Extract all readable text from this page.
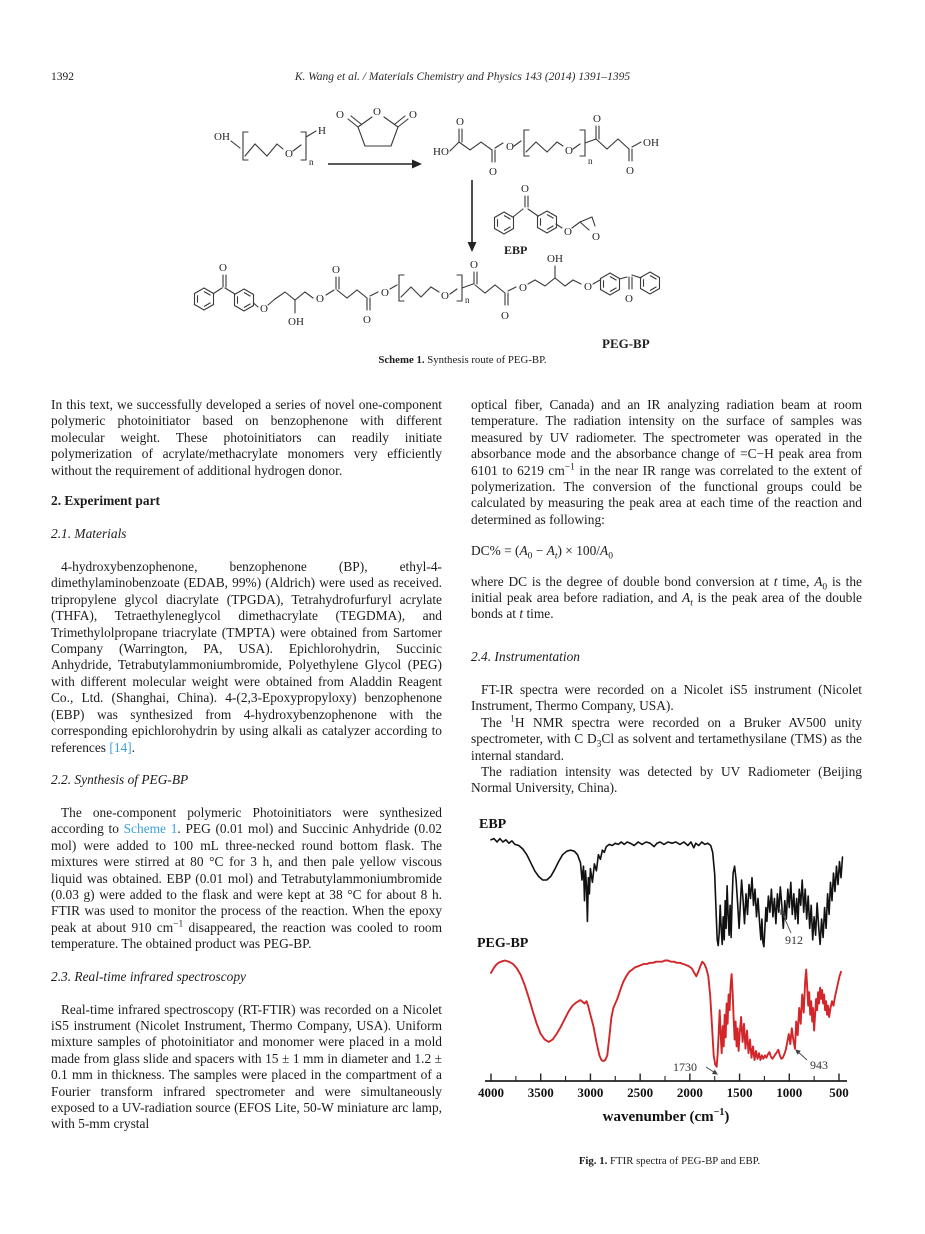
1392	K. Wang et al. / Materials Chemistry and Physics 143 (2014) 1391–1395
OH	H
O
n
O
O	O
HO
O
O
O	O
n
O
O
OH
O
O O
EBP
O
O
OH
O
O
O
O	O n
O
O
O
OH
O
O
PEG-BP
Scheme 1. Synthesis route of PEG-BP.

In this text, we successfully developed a series of novel one-component polymeric photoinitiator based on benzophenone with different molecular weight. These photoinitiators can readily initiate polymerization of acrylate/methacrylate monomers very efficiently without the requirement of additional hydrogen donor.

2. Experiment part
2.1. Materials

4-hydroxybenzophenone, benzophenone (BP), ethyl-4-dimethylaminobenzoate (EDAB, 99%) (Aldrich) were used as received. tripropylene glycol diacrylate (TPGDA), Tetrahydrofurfuryl acrylate (THFA), Tetraethyleneglycol dimethacrylate (TEGDMA), and Trimethylolpropane triacrylate (TMPTA) were obtained from Sartomer Company (Warrington, PA, USA). Epichlorohydrin, Succinic Anhydride, Tetrabutylammoniumbromide, Polyethylene Glycol (PEG) with different molecular weight were obtained from Aladdin Reagent Co., Ltd. (Shanghai, China). 4-(2,3-Epoxypropyloxy) benzophenone (EBP) was synthesized from 4-hydroxybenzophenone with the corresponding epichlorohydrin by using alkali as catalyzer according to references [14].

2.2. Synthesis of PEG-BP

The one-component polymeric Photoinitiators were synthesized according to Scheme 1. PEG (0.01 mol) and Succinic Anhydride (0.02 mol) were added to 100 mL three-necked round bottom flask. The mixtures were stirred at 80 °C for 3 h, and then pale yellow viscous liquid was obtained. EBP (0.01 mol) and Tetrabutylammoniumbromide (0.03 g) were added to the flask and were kept at 38 °C for about 8 h. FTIR was used to monitor the process of the reaction. When the epoxy peak at about 910 $cm^{-1}$ disappeared, the reaction was cooled to room temperature. The obtained product was PEG-BP.

2.3. Real-time infrared spectroscopy

Real-time infrared spectroscopy (RT-FTIR) was recorded on a Nicolet iS5 instrument (Nicolet Instrument, Thermo Company, USA). Uniform mixture samples of photoinitiator and monomer were placed in a mold made from glass slide and spacers with 15 ± 1 mm in diameter and 1.2 ± 0.1 mm in thickness. The samples were placed in the compartment of a Fourier transform infrared spectrometer and were simultaneously exposed to a UV-radiation source (EFOS Lite, 50-W miniature arc lamp, with 5-mm crystal

optical fiber, Canada) and an IR analyzing radiation beam at room temperature. The radiation intensity on the surface of samples was measured by UV radiometer. The spectrometer was operated in the absorbance mode and the absorbance change of =C−H peak area from 6101 to 6219 $cm^{-1}$ in the near IR range was correlated to the extent of polymerization. The conversion of the functional groups could be calculated by measuring the peak area at each time of the reaction and determined as following:

$DC\% = (A_0 - A_t) \times 100/A_0$

where DC is the degree of double bond conversion at t time, $A_0$ is the initial peak area before radiation, and $A_t$ is the peak area of the double bonds at t time.

2.4. Instrumentation

FT-IR spectra were recorded on a Nicolet iS5 instrument (Nicolet Instrument, Thermo Company, USA).

The $^1$H NMR spectra were recorded on a Bruker AV500 unity spectrometer, with C $D_3Cl$ as solvent and tertamethysilane (TMS) as the internal standard.

The radiation intensity was detected by UV Radiometer (Beijing Normal University, China).

EBP
PEG-BP
4000 3500 3000 2500 2000 1500 1000 500
wavenumber $(cm^{-1})$
912
1730	943
Fig. 1. FTIR spectra of PEG-BP and EBP.
